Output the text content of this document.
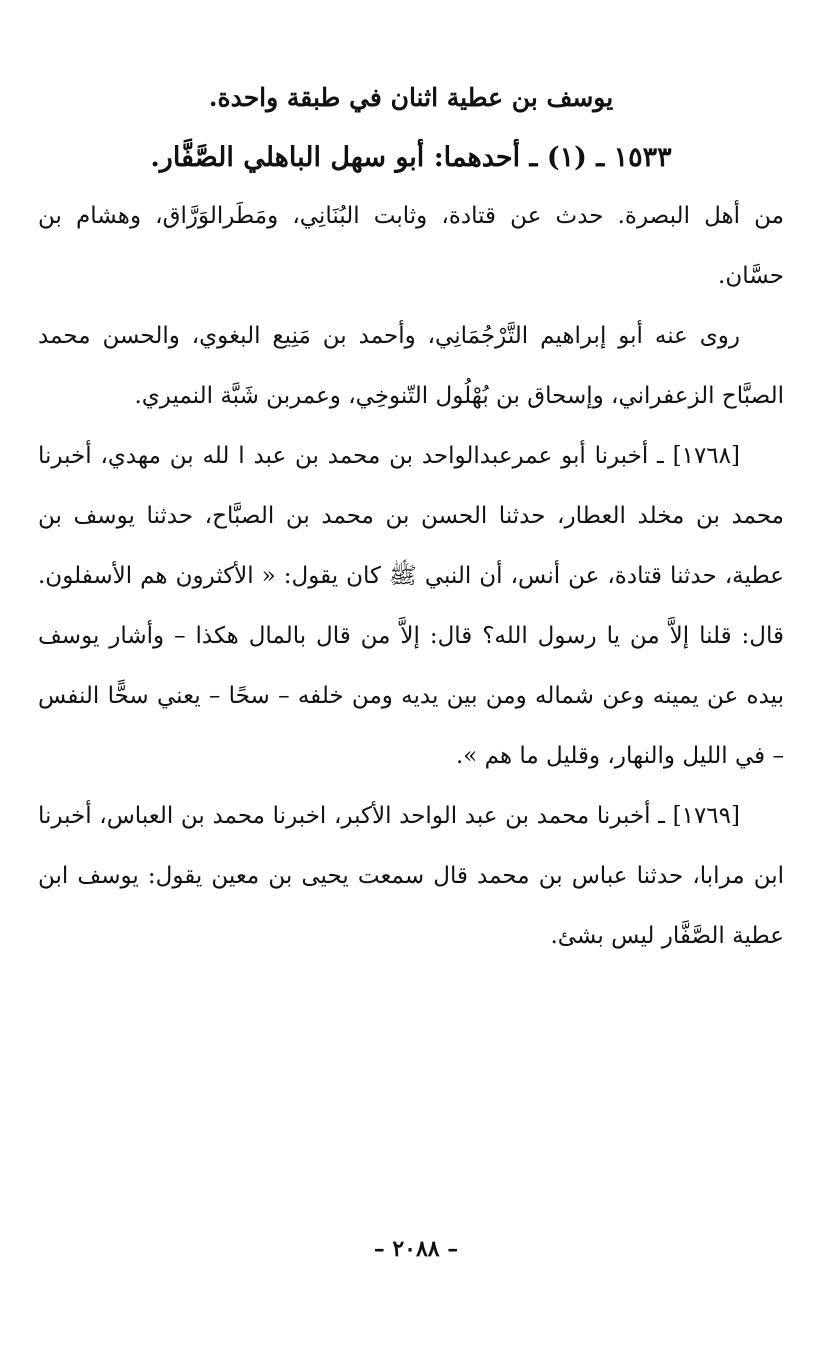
يوسف بن عطية اثنان في طبقة واحدة.
١٥٣٣ ـ (١) ـ أحدهما: أبو سهل الباهلي الصَّفَّار.

من أهل البصرة. حدث عن قتادة، وثابت البُنَانِي، ومَطَرالوَرَّاق، وهشام بن حسَّان.

روى عنه أبو إبراهيم التَّرْجُمَانِي، وأحمد بن مَنِيع البغوي، والحسن محمد الصبَّاح الزعفراني، وإسحاق بن بُهْلُول التّنوخِي، وعمربن شَبَّة النميري.

[١٧٦٨] ـ أخبرنا أبو عمرعبدالواحد بن محمد بن عبد ا لله بن مهدي، أخبرنا محمد بن مخلد العطار، حدثنا الحسن بن محمد بن الصبَّاح، حدثنا يوسف بن عطية، حدثنا قتادة، عن أنس، أن النبي ﷺ كان يقول: « الأكثرون هم الأسفلون. قال: قلنا إلاَّ من يا رسول الله؟ قال: إلاَّ من قال بالمال هكذا – وأشار يوسف بيده عن يمينه وعن شماله ومن بين يديه ومن خلفه – سحًا – يعني سحًّا النفس – في الليل والنهار، وقليل ما هم ».

[١٧٦٩] ـ أخبرنا محمد بن عبد الواحد الأكبر، اخبرنا محمد بن العباس، أخبرنا ابن مرابا، حدثنا عباس بن محمد قال سمعت يحيى بن معين يقول: يوسف ابن عطية الصَّفَّار ليس بشئ.

– ٢٠٨٨ –
